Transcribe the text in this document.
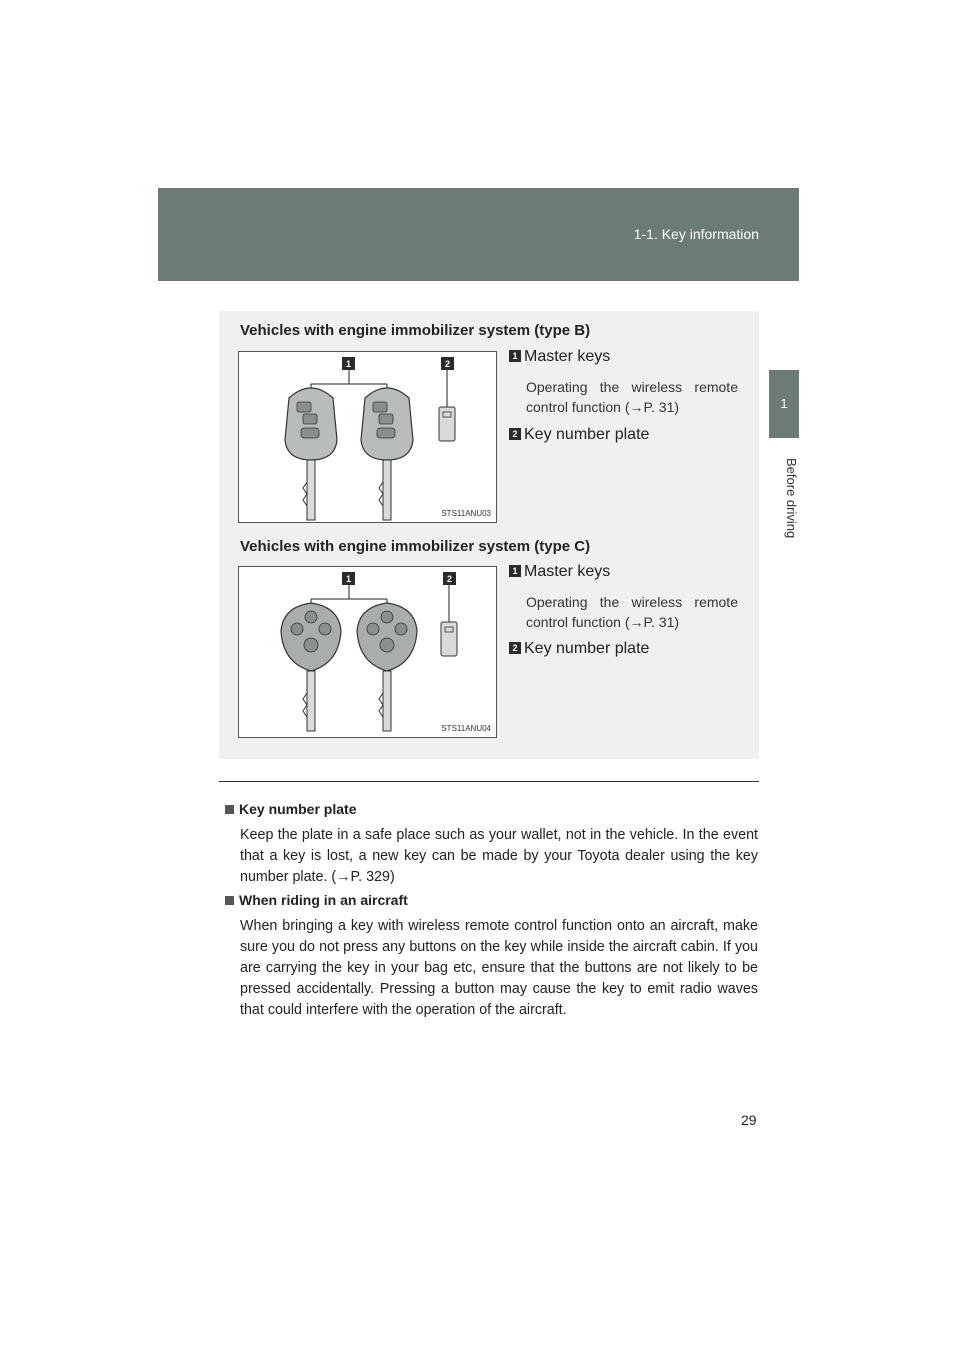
1-1. Key information
1
Before driving
Vehicles with engine immobilizer system (type B)
1	2
STS11ANU03
1 Master keys
Operating the wireless remote control function (→P. 31)
2 Key number plate
Vehicles with engine immobilizer system (type C)
1	2
STS11ANU04
1 Master keys
Operating the wireless remote control function (→P. 31)
2 Key number plate
Key number plate
Keep the plate in a safe place such as your wallet, not in the vehicle. In the event that a key is lost, a new key can be made by your Toyota dealer using the key number plate. (→P. 329)
When riding in an aircraft
When bringing a key with wireless remote control function onto an aircraft, make sure you do not press any buttons on the key while inside the aircraft cabin. If you are carrying the key in your bag etc, ensure that the buttons are not likely to be pressed accidentally. Pressing a button may cause the key to emit radio waves that could interfere with the operation of the aircraft.
29
